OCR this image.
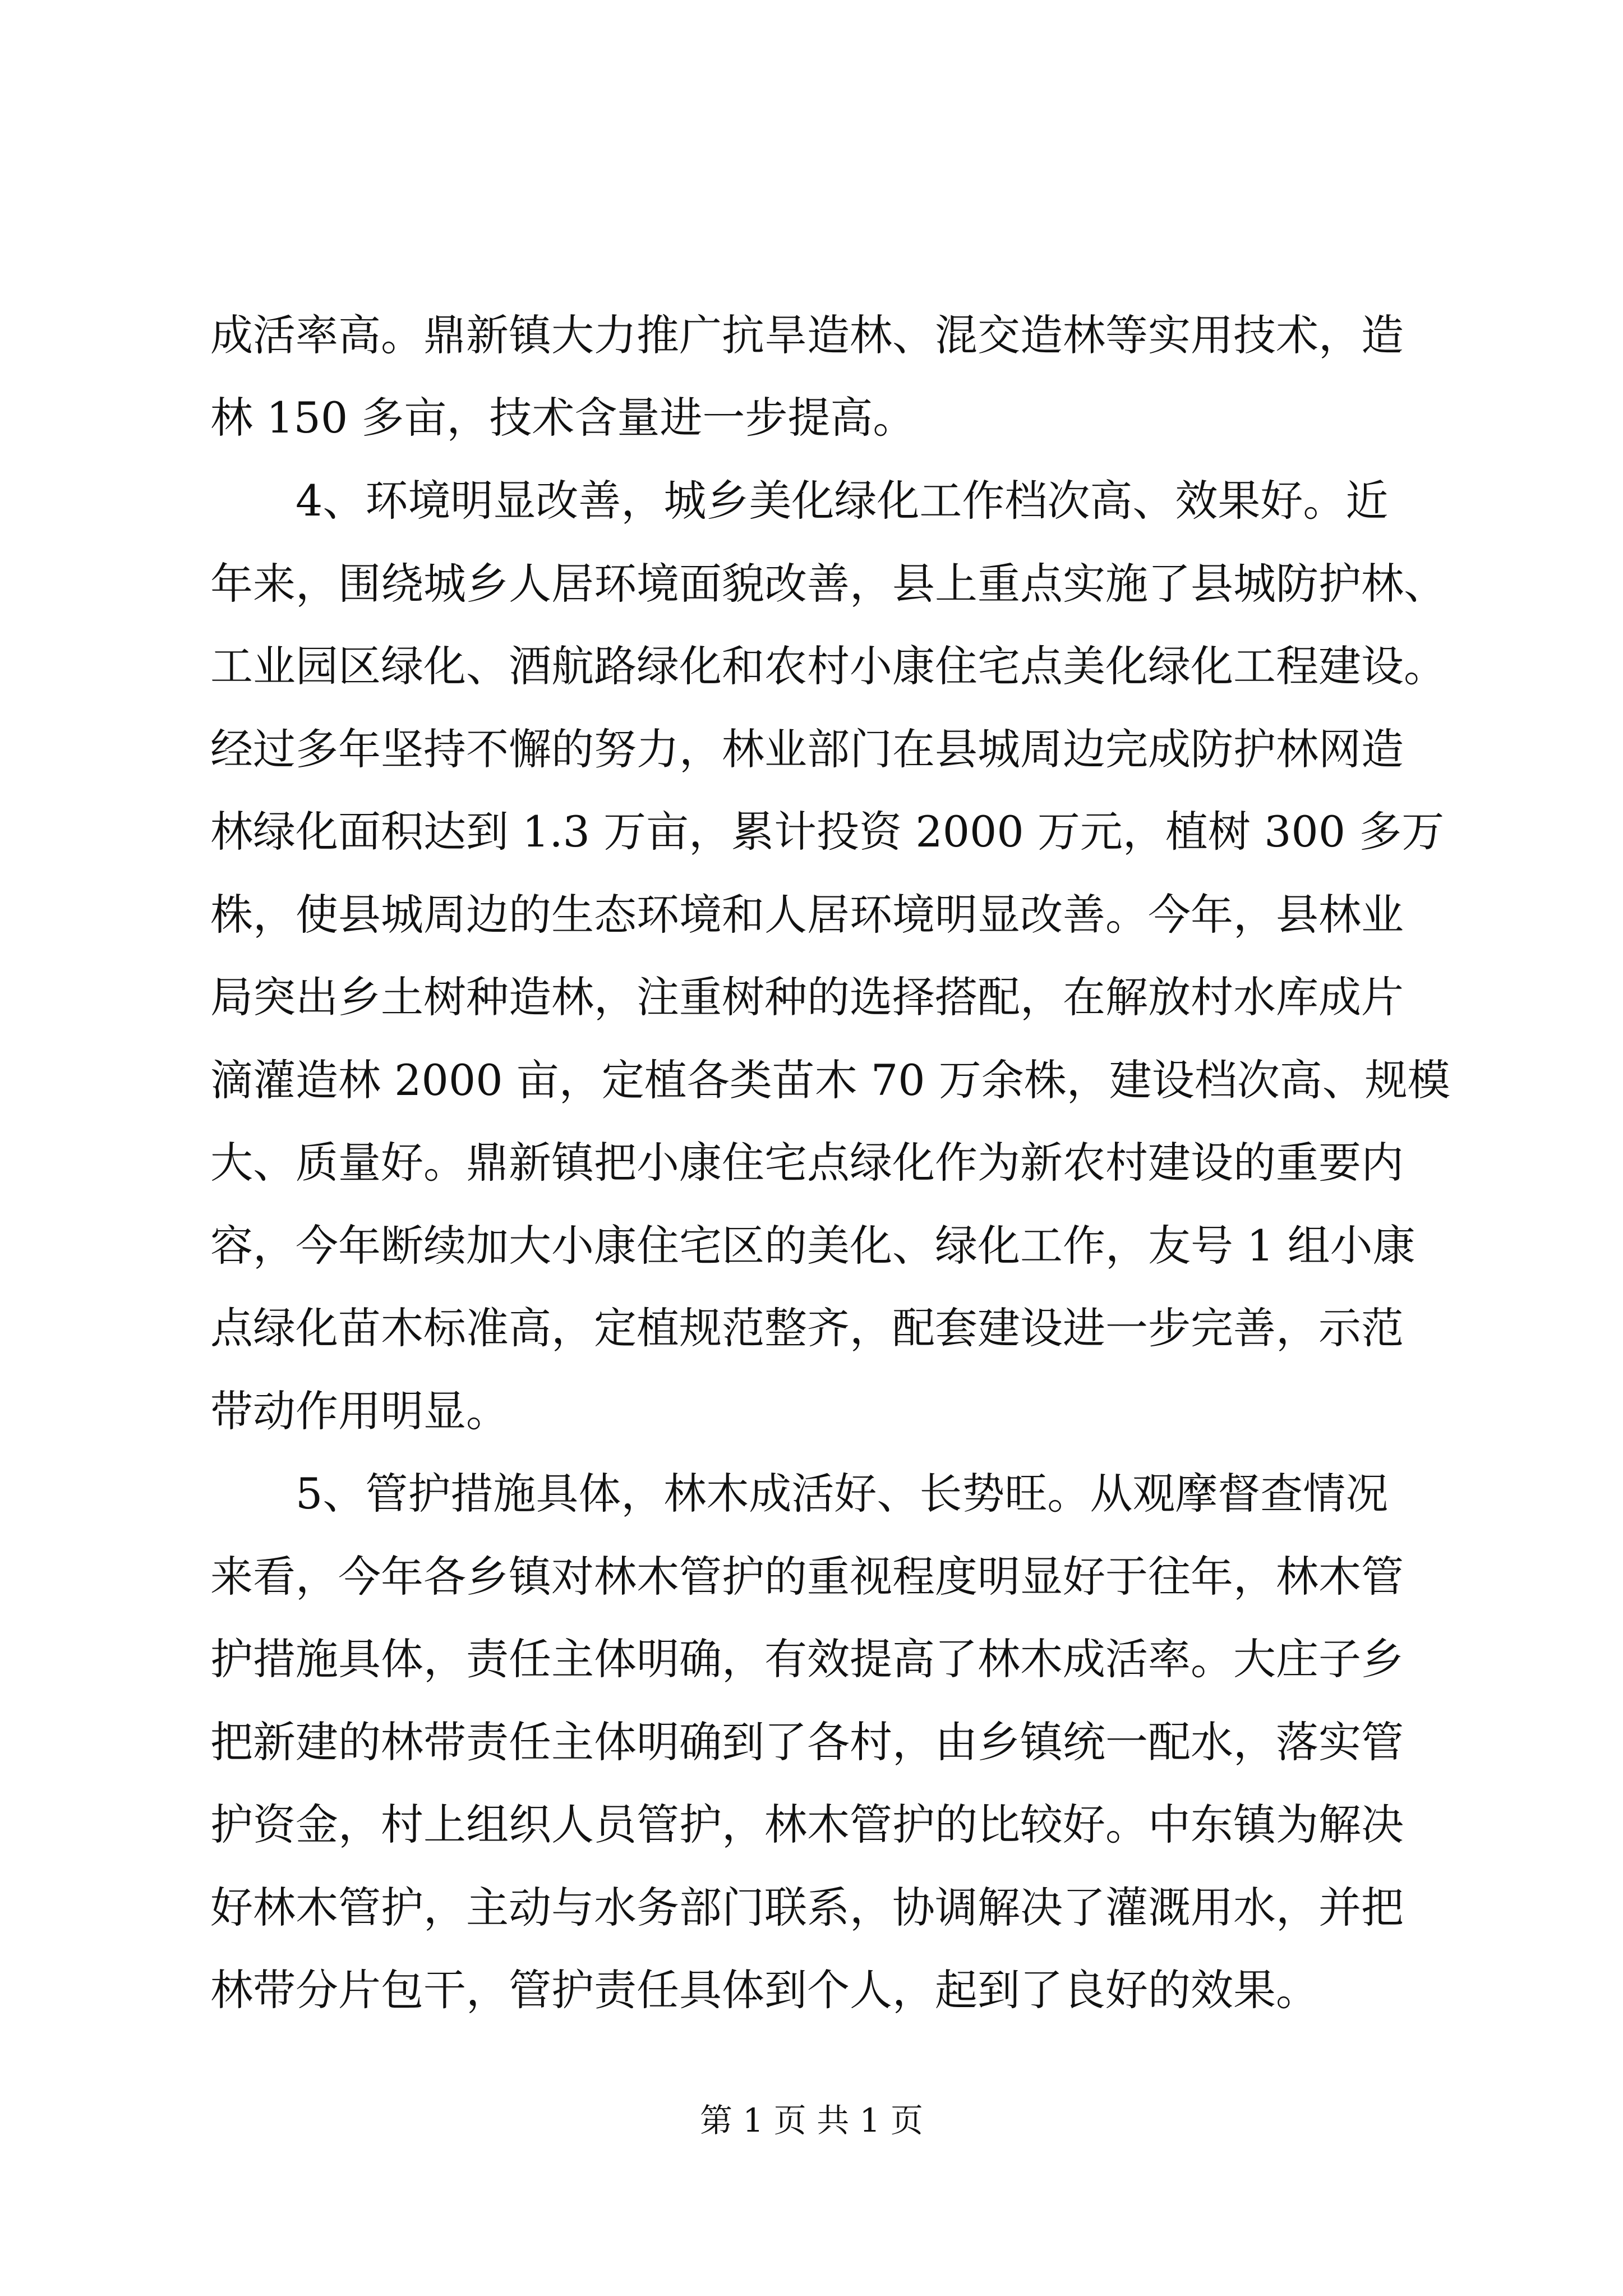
成活率高。鼎新镇大力推广抗旱造林、混交造林等实用技术，造
林 150 多亩，技术含量进一步提高。
4、环境明显改善，城乡美化绿化工作档次高、效果好。近
年来，围绕城乡人居环境面貌改善，县上重点实施了县城防护林、
工业园区绿化、酒航路绿化和农村小康住宅点美化绿化工程建设。
经过多年坚持不懈的努力，林业部门在县城周边完成防护林网造
林绿化面积达到 1.3 万亩，累计投资 2000 万元，植树 300 多万
株，使县城周边的生态环境和人居环境明显改善。今年，县林业
局突出乡土树种造林，注重树种的选择搭配，在解放村水库成片
滴灌造林 2000 亩，定植各类苗木 70 万余株，建设档次高、规模
大、质量好。鼎新镇把小康住宅点绿化作为新农村建设的重要内
容，今年断续加大小康住宅区的美化、绿化工作，友号 1 组小康
点绿化苗木标准高，定植规范整齐，配套建设进一步完善，示范
带动作用明显。
5、管护措施具体，林木成活好、长势旺。从观摩督查情况
来看，今年各乡镇对林木管护的重视程度明显好于往年，林木管
护措施具体，责任主体明确，有效提高了林木成活率。大庄子乡
把新建的林带责任主体明确到了各村，由乡镇统一配水，落实管
护资金，村上组织人员管护，林木管护的比较好。中东镇为解决
好林木管护，主动与水务部门联系，协调解决了灌溉用水，并把
林带分片包干，管护责任具体到个人，起到了良好的效果。
第 1 页 共 1 页
